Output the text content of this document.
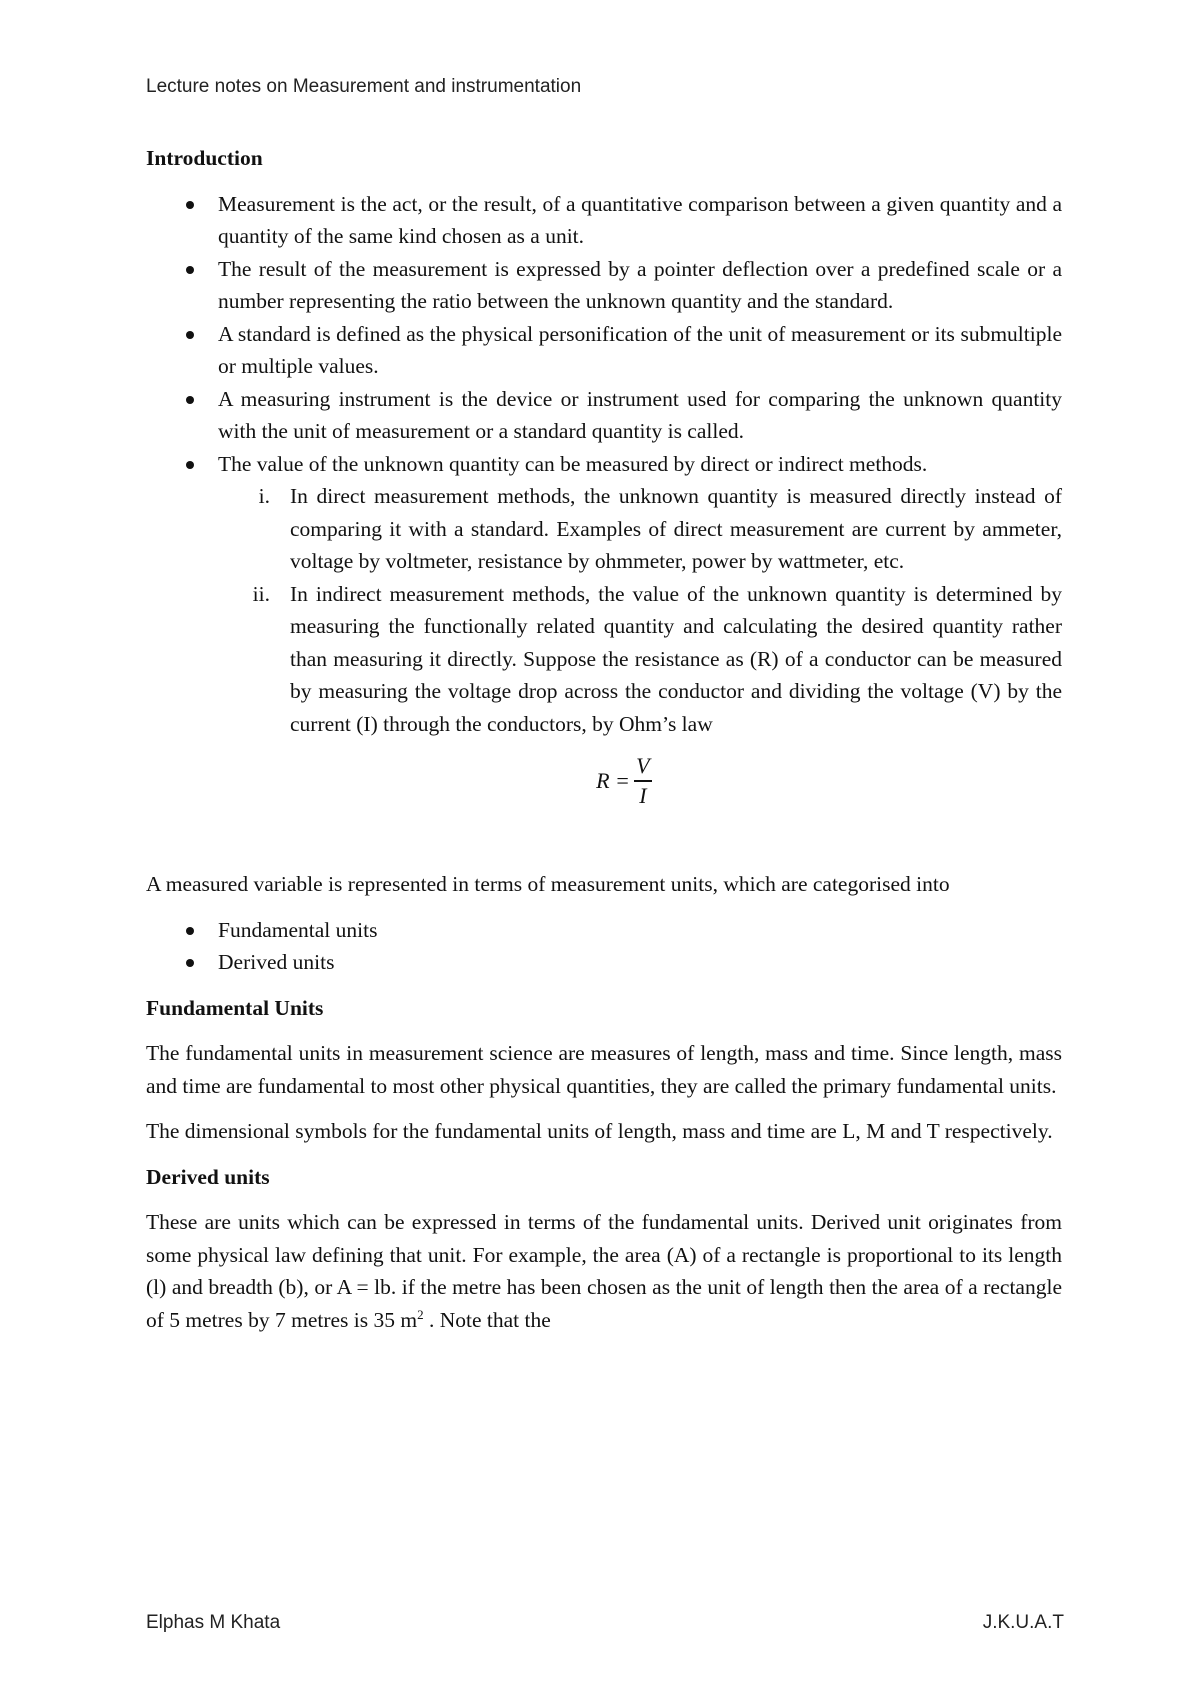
Lecture notes on Measurement and instrumentation
Introduction
Measurement is the act, or the result, of a quantitative comparison between a given quantity and a quantity of the same kind chosen as a unit.
The result of the measurement is expressed by a pointer deflection over a predefined scale or a number representing the ratio between the unknown quantity and the standard.
A standard is defined as the physical personification of the unit of measurement or its submultiple or multiple values.
A measuring instrument is the device or instrument used for comparing the unknown quantity with the unit of measurement or a standard quantity is called.
The value of the unknown quantity can be measured by direct or indirect methods.
i. In direct measurement methods, the unknown quantity is measured directly instead of comparing it with a standard. Examples of direct measurement are current by ammeter, voltage by voltmeter, resistance by ohmmeter, power by wattmeter, etc.
ii. In indirect measurement methods, the value of the unknown quantity is determined by measuring the functionally related quantity and calculating the desired quantity rather than measuring it directly. Suppose the resistance as (R) of a conductor can be measured by measuring the voltage drop across the conductor and dividing the voltage (V) by the current (I) through the conductors, by Ohm’s law
$R = \frac{V}{I}$

A measured variable is represented in terms of measurement units, which are categorised into

Fundamental units
Derived units
Fundamental Units

The fundamental units in measurement science are measures of length, mass and time. Since length, mass and time are fundamental to most other physical quantities, they are called the primary fundamental units.

The dimensional symbols for the fundamental units of length, mass and time are L, M and T respectively.

Derived units

These are units which can be expressed in terms of the fundamental units. Derived unit originates from some physical law defining that unit. For example, the area (A) of a rectangle is proportional to its length (l) and breadth (b), or A = lb. if the metre has been chosen as the unit of length then the area of a rectangle of 5 metres by 7 metres is 35 $m^2$ . Note that the

Elphas M Khata	J.K.U.A.T
